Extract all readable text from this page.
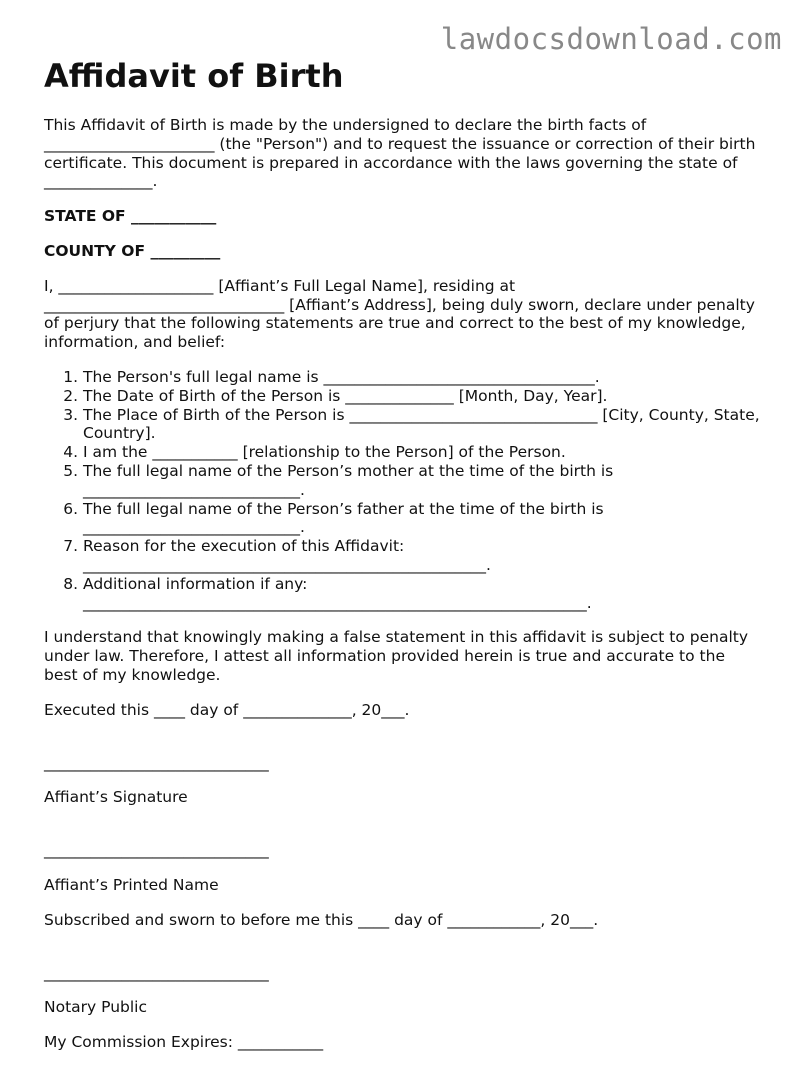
lawdocsdownload.com
Affidavit of Birth

This Affidavit of Birth is made by the undersigned to declare the birth facts of ______________________ (the "Person") and to request the issuance or correction of their birth certificate. This document is prepared in accordance with the laws governing the state of ______________.

STATE OF ___________

COUNTY OF _________

I, ____________________ [Affiant’s Full Legal Name], residing at _______________________________ [Affiant’s Address], being duly sworn, declare under penalty of perjury that the following statements are true and correct to the best of my knowledge, information, and belief:

1. The Person's full legal name is ___________________________________.
2. The Date of Birth of the Person is ______________ [Month, Day, Year].
3. The Place of Birth of the Person is ________________________________ [City, County, State, Country].
4. I am the ___________ [relationship to the Person] of the Person.
5. The full legal name of the Person’s mother at the time of the birth is ____________________________.
6. The full legal name of the Person’s father at the time of the birth is ____________________________.
7. Reason for the execution of this Affidavit: ____________________________________________________.
8. Additional information if any: _________________________________________________________________.

I understand that knowingly making a false statement in this affidavit is subject to penalty under law. Therefore, I attest all information provided herein is true and accurate to the best of my knowledge.

Executed this ____ day of ______________, 20___.

_____________________________

Affiant’s Signature

_____________________________

Affiant’s Printed Name

Subscribed and sworn to before me this ____ day of ____________, 20___.

_____________________________

Notary Public

My Commission Expires: ___________
